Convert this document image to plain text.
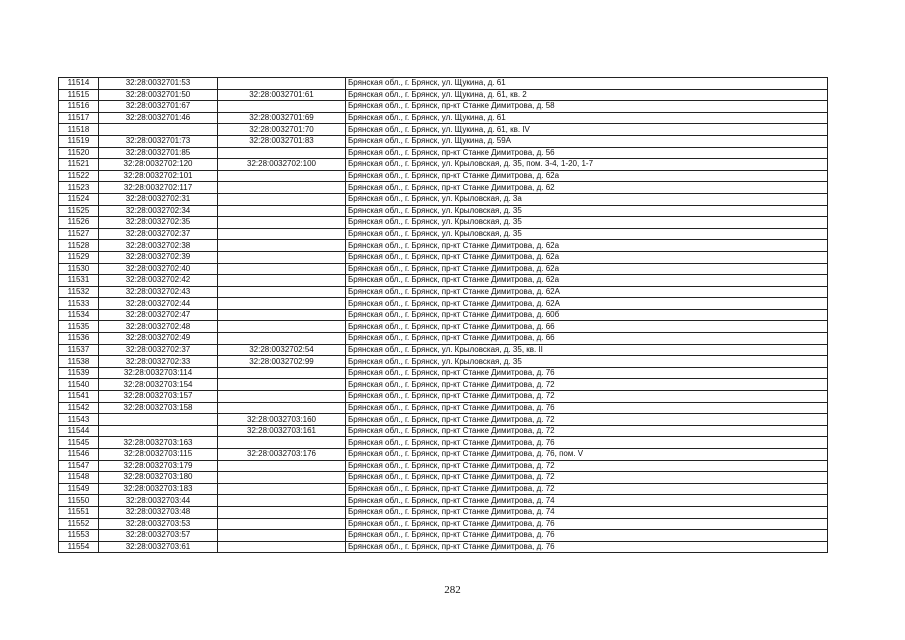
11514	32:28:0032701:53		Брянская обл., г. Брянск, ул. Щукина, д. 61
11515	32:28:0032701:50	32:28:0032701:61	Брянская обл., г. Брянск, ул. Щукина, д. 61, кв. 2
11516	32:28:0032701:67		Брянская обл., г. Брянск, пр-кт Станке Димитрова, д. 58
11517	32:28:0032701:46	32:28:0032701:69	Брянская обл., г. Брянск, ул. Щукина, д. 61
11518		32:28:0032701:70	Брянская обл., г. Брянск, ул. Щукина, д. 61, кв. IV
11519	32:28:0032701:73	32:28:0032701:83	Брянская обл., г. Брянск, ул. Щукина, д. 59А
11520	32:28:0032701:85		Брянская обл., г. Брянск, пр-кт Станке Димитрова, д. 56
11521	32:28:0032702:120	32:28:0032702:100	Брянская обл., г. Брянск, ул. Крыловская, д. 35, пом. 3-4, 1-20, 1-7
11522	32:28:0032702:101		Брянская обл., г. Брянск, пр-кт Станке Димитрова, д. 62а
11523	32:28:0032702:117		Брянская обл., г. Брянск, пр-кт Станке Димитрова, д. 62
11524	32:28:0032702:31		Брянская обл., г. Брянск, ул. Крыловская, д. 3а
11525	32:28:0032702:34		Брянская обл., г. Брянск, ул. Крыловская, д. 35
11526	32:28:0032702:35		Брянская обл., г. Брянск, ул. Крыловская, д. 35
11527	32:28:0032702:37		Брянская обл., г. Брянск, ул. Крыловская, д. 35
11528	32:28:0032702:38		Брянская обл., г. Брянск, пр-кт Станке Димитрова, д. 62а
11529	32:28:0032702:39		Брянская обл., г. Брянск, пр-кт Станке Димитрова, д. 62а
11530	32:28:0032702:40		Брянская обл., г. Брянск, пр-кт Станке Димитрова, д. 62а
11531	32:28:0032702:42		Брянская обл., г. Брянск, пр-кт Станке Димитрова, д. 62а
11532	32:28:0032702:43		Брянская обл., г. Брянск, пр-кт Станке Димитрова, д. 62А
11533	32:28:0032702:44		Брянская обл., г. Брянск, пр-кт Станке Димитрова, д. 62А
11534	32:28:0032702:47		Брянская обл., г. Брянск, пр-кт Станке Димитрова, д. 60б
11535	32:28:0032702:48		Брянская обл., г. Брянск, пр-кт Станке Димитрова, д. 66
11536	32:28:0032702:49		Брянская обл., г. Брянск, пр-кт Станке Димитрова, д. 66
11537	32:28:0032702:37	32:28:0032702:54	Брянская обл., г. Брянск, ул. Крыловская, д. 35, кв. II
11538	32:28:0032702:33	32:28:0032702:99	Брянская обл., г. Брянск, ул. Крыловская, д. 35
11539	32:28:0032703:114		Брянская обл., г. Брянск, пр-кт Станке Димитрова, д. 76
11540	32:28:0032703:154		Брянская обл., г. Брянск, пр-кт Станке Димитрова, д. 72
11541	32:28:0032703:157		Брянская обл., г. Брянск, пр-кт Станке Димитрова, д. 72
11542	32:28:0032703:158		Брянская обл., г. Брянск, пр-кт Станке Димитрова, д. 76
11543		32:28:0032703:160	Брянская обл., г. Брянск, пр-кт Станке Димитрова, д. 72
11544		32:28:0032703:161	Брянская обл., г. Брянск, пр-кт Станке Димитрова, д. 72
11545	32:28:0032703:163		Брянская обл., г. Брянск, пр-кт Станке Димитрова, д. 76
11546	32:28:0032703:115	32:28:0032703:176	Брянская обл., г. Брянск, пр-кт Станке Димитрова, д. 76, пом. V
11547	32:28:0032703:179		Брянская обл., г. Брянск, пр-кт Станке Димитрова, д. 72
11548	32:28:0032703:180		Брянская обл., г. Брянск, пр-кт Станке Димитрова, д. 72
11549	32:28:0032703:183		Брянская обл., г. Брянск, пр-кт Станке Димитрова, д. 72
11550	32:28:0032703:44		Брянская обл., г. Брянск, пр-кт Станке Димитрова, д. 74
11551	32:28:0032703:48		Брянская обл., г. Брянск, пр-кт Станке Димитрова, д. 74
11552	32:28:0032703:53		Брянская обл., г. Брянск, пр-кт Станке Димитрова, д. 76
11553	32:28:0032703:57		Брянская обл., г. Брянск, пр-кт Станке Димитрова, д. 76
11554	32:28:0032703:61		Брянская обл., г. Брянск, пр-кт Станке Димитрова, д. 76
282
